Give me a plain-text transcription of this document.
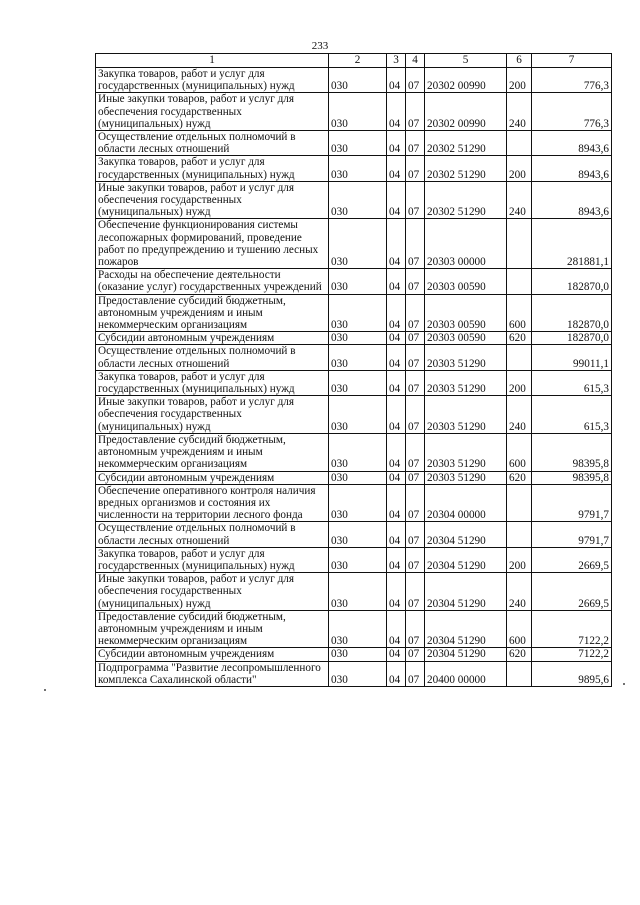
233
1	2	3	4	5	6	7
Закупка товаров, работ и услуг для государственных (муниципальных) нужд	030	04	07	20302 00990	200	776,3
Иные закупки товаров, работ и услуг для обеспечения государственных (муниципальных) нужд	030	04	07	20302 00990	240	776,3
Осуществление отдельных полномочий в области лесных отношений	030	04	07	20302 51290		8943,6
Закупка товаров, работ и услуг для государственных (муниципальных) нужд	030	04	07	20302 51290	200	8943,6
Иные закупки товаров, работ и услуг для обеспечения государственных (муниципальных) нужд	030	04	07	20302 51290	240	8943,6
Обеспечение функционирования системы лесопожарных формирований, проведение работ по предупреждению и тушению лесных пожаров	030	04	07	20303 00000		281881,1
Расходы на обеспечение деятельности (оказание услуг) государственных учреждений	030	04	07	20303 00590		182870,0
Предоставление субсидий бюджетным, автономным учреждениям и иным некоммерческим организациям	030	04	07	20303 00590	600	182870,0
Субсидии автономным учреждениям	030	04	07	20303 00590	620	182870,0
Осуществление отдельных полномочий в области лесных отношений	030	04	07	20303 51290		99011,1
Закупка товаров, работ и услуг для государственных (муниципальных) нужд	030	04	07	20303 51290	200	615,3
Иные закупки товаров, работ и услуг для обеспечения государственных (муниципальных) нужд	030	04	07	20303 51290	240	615,3
Предоставление субсидий бюджетным, автономным учреждениям и иным некоммерческим организациям	030	04	07	20303 51290	600	98395,8
Субсидии автономным учреждениям	030	04	07	20303 51290	620	98395,8
Обеспечение оперативного контроля наличия вредных организмов и состояния их численности на территории лесного фонда	030	04	07	20304 00000		9791,7
Осуществление отдельных полномочий в области лесных отношений	030	04	07	20304 51290		9791,7
Закупка товаров, работ и услуг для государственных (муниципальных) нужд	030	04	07	20304 51290	200	2669,5
Иные закупки товаров, работ и услуг для обеспечения государственных (муниципальных) нужд	030	04	07	20304 51290	240	2669,5
Предоставление субсидий бюджетным, автономным учреждениям и иным некоммерческим организациям	030	04	07	20304 51290	600	7122,2
Субсидии автономным учреждениям	030	04	07	20304 51290	620	7122,2
Подпрограмма "Развитие лесопромышленного комплекса Сахалинской области"	030	04	07	20400 00000		9895,6
